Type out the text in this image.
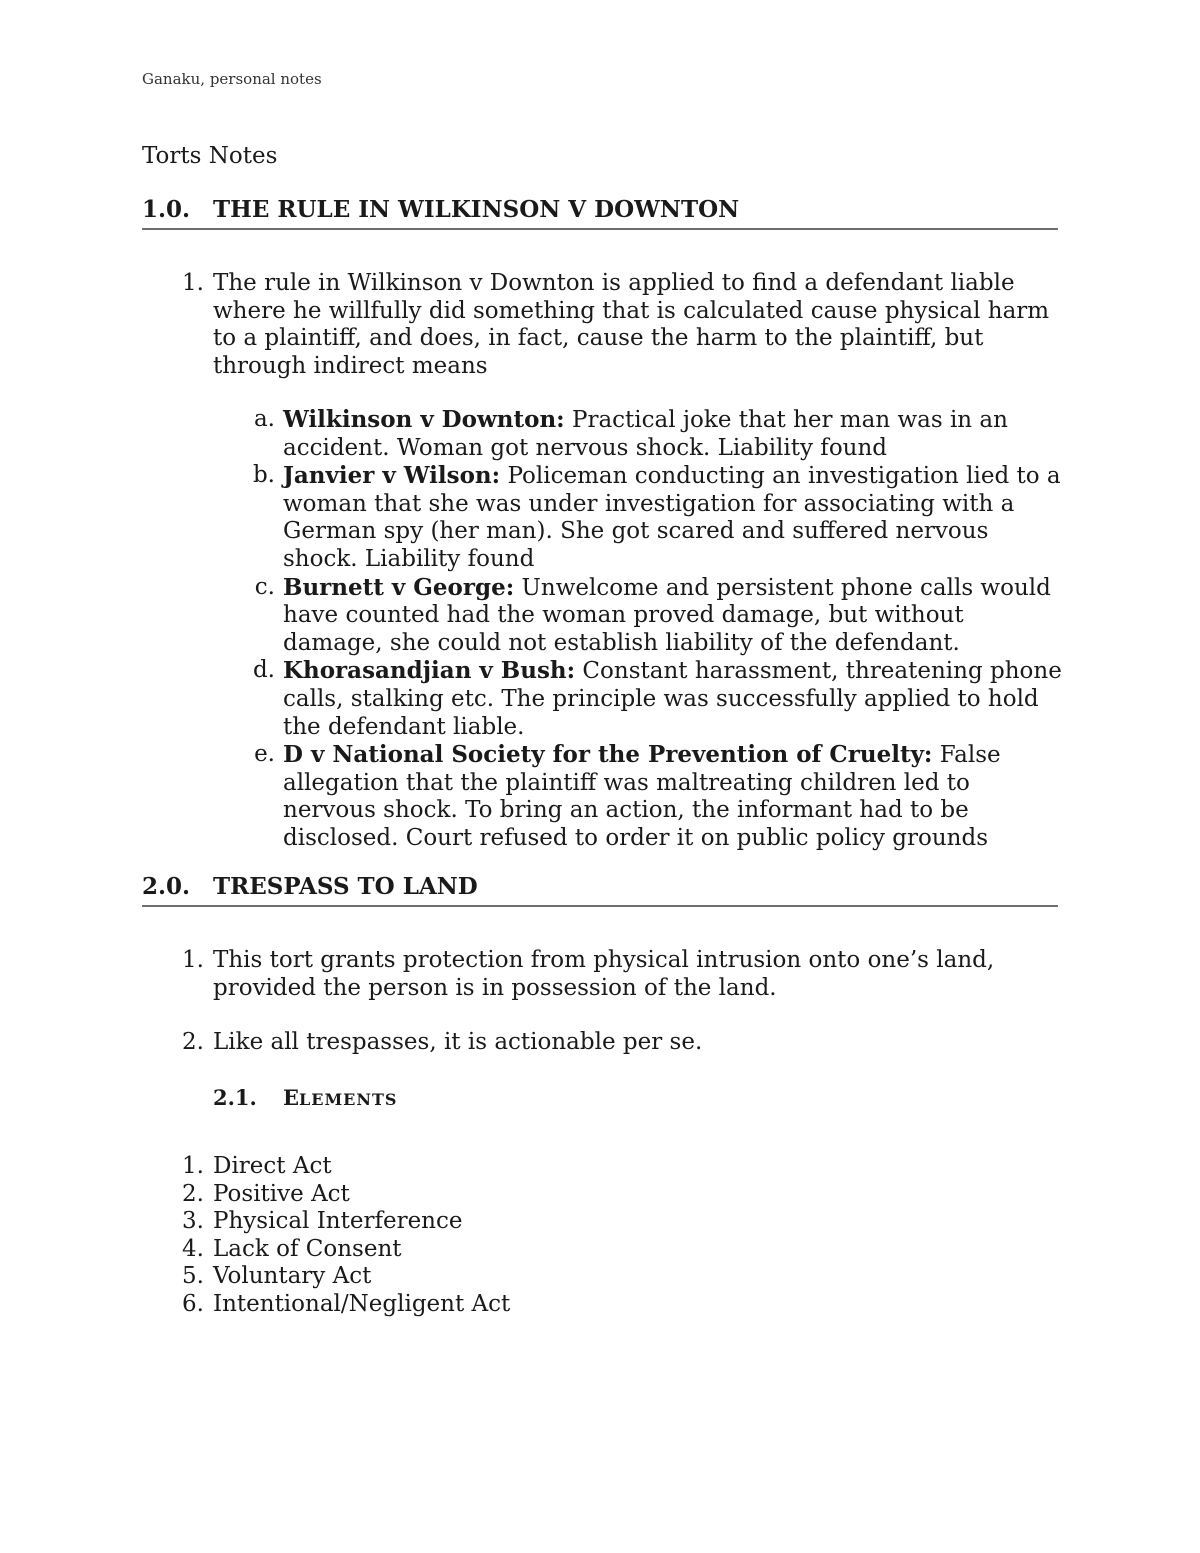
Ganaku, personal notes
Torts Notes
1.0. THE RULE IN WILKINSON V DOWNTON
1. The rule in Wilkinson v Downton is applied to find a defendant liable where he willfully did something that is calculated cause physical harm to a plaintiff, and does, in fact, cause the harm to the plaintiff, but through indirect means
a. Wilkinson v Downton: Practical joke that her man was in an accident. Woman got nervous shock. Liability found
b. Janvier v Wilson: Policeman conducting an investigation lied to a woman that she was under investigation for associating with a German spy (her man). She got scared and suffered nervous shock. Liability found
c. Burnett v George: Unwelcome and persistent phone calls would have counted had the woman proved damage, but without damage, she could not establish liability of the defendant.
d. Khorasandjian v Bush: Constant harassment, threatening phone calls, stalking etc. The principle was successfully applied to hold the defendant liable.
e. D v National Society for the Prevention of Cruelty: False allegation that the plaintiff was maltreating children led to nervous shock. To bring an action, the informant had to be disclosed. Court refused to order it on public policy grounds
2.0. TRESPASS TO LAND
1. This tort grants protection from physical intrusion onto one’s land, provided the person is in possession of the land.
2. Like all trespasses, it is actionable per se.
2.1. ELEMENTS
1. Direct Act
2. Positive Act
3. Physical Interference
4. Lack of Consent
5. Voluntary Act
6. Intentional/Negligent Act
